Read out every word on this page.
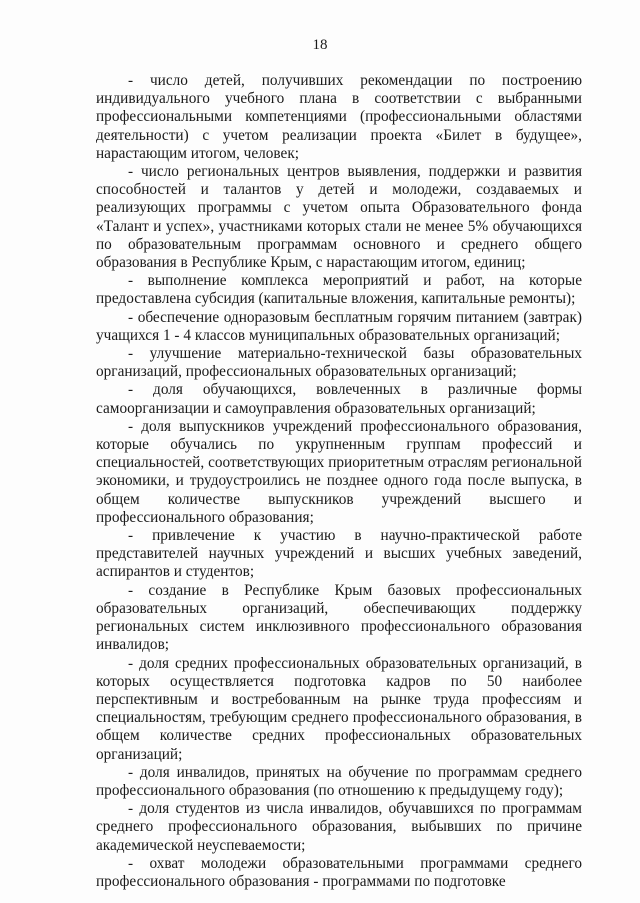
18

- число детей, получивших рекомендации по построению индивидуального учебного плана в соответствии с выбранными профессиональными компетенциями (профессиональными областями деятельности) с учетом реализации проекта «Билет в будущее», нарастающим итогом, человек;

- число региональных центров выявления, поддержки и развития способностей и талантов у детей и молодежи, создаваемых и реализующих программы с учетом опыта Образовательного фонда «Талант и успех», участниками которых стали не менее 5% обучающихся по образовательным программам основного и среднего общего образования в Республике Крым, с нарастающим итогом, единиц;

- выполнение комплекса мероприятий и работ, на которые предоставлена субсидия (капитальные вложения, капитальные ремонты);

- обеспечение одноразовым бесплатным горячим питанием (завтрак) учащихся 1 - 4 классов муниципальных образовательных организаций;

- улучшение материально-технической базы образовательных организаций, профессиональных образовательных организаций;

- доля обучающихся, вовлеченных в различные формы самоорганизации и самоуправления образовательных организаций;

- доля выпускников учреждений профессионального образования, которые обучались по укрупненным группам профессий и специальностей, соответствующих приоритетным отраслям региональной экономики, и трудоустроились не позднее одного года после выпуска, в общем количестве выпускников учреждений высшего и профессионального образования;

- привлечение к участию в научно-практической работе представителей научных учреждений и высших учебных заведений, аспирантов и студентов;

- создание в Республике Крым базовых профессиональных образовательных организаций, обеспечивающих поддержку региональных систем инклюзивного профессионального образования инвалидов;

- доля средних профессиональных образовательных организаций, в которых осуществляется подготовка кадров по 50 наиболее перспективным и востребованным на рынке труда профессиям и специальностям, требующим среднего профессионального образования, в общем количестве средних профессиональных образовательных организаций;

- доля инвалидов, принятых на обучение по программам среднего профессионального образования (по отношению к предыдущему году);

- доля студентов из числа инвалидов, обучавшихся по программам среднего профессионального образования, выбывших по причине академической неуспеваемости;

- охват молодежи образовательными программами среднего профессионального образования - программами по подготовке
